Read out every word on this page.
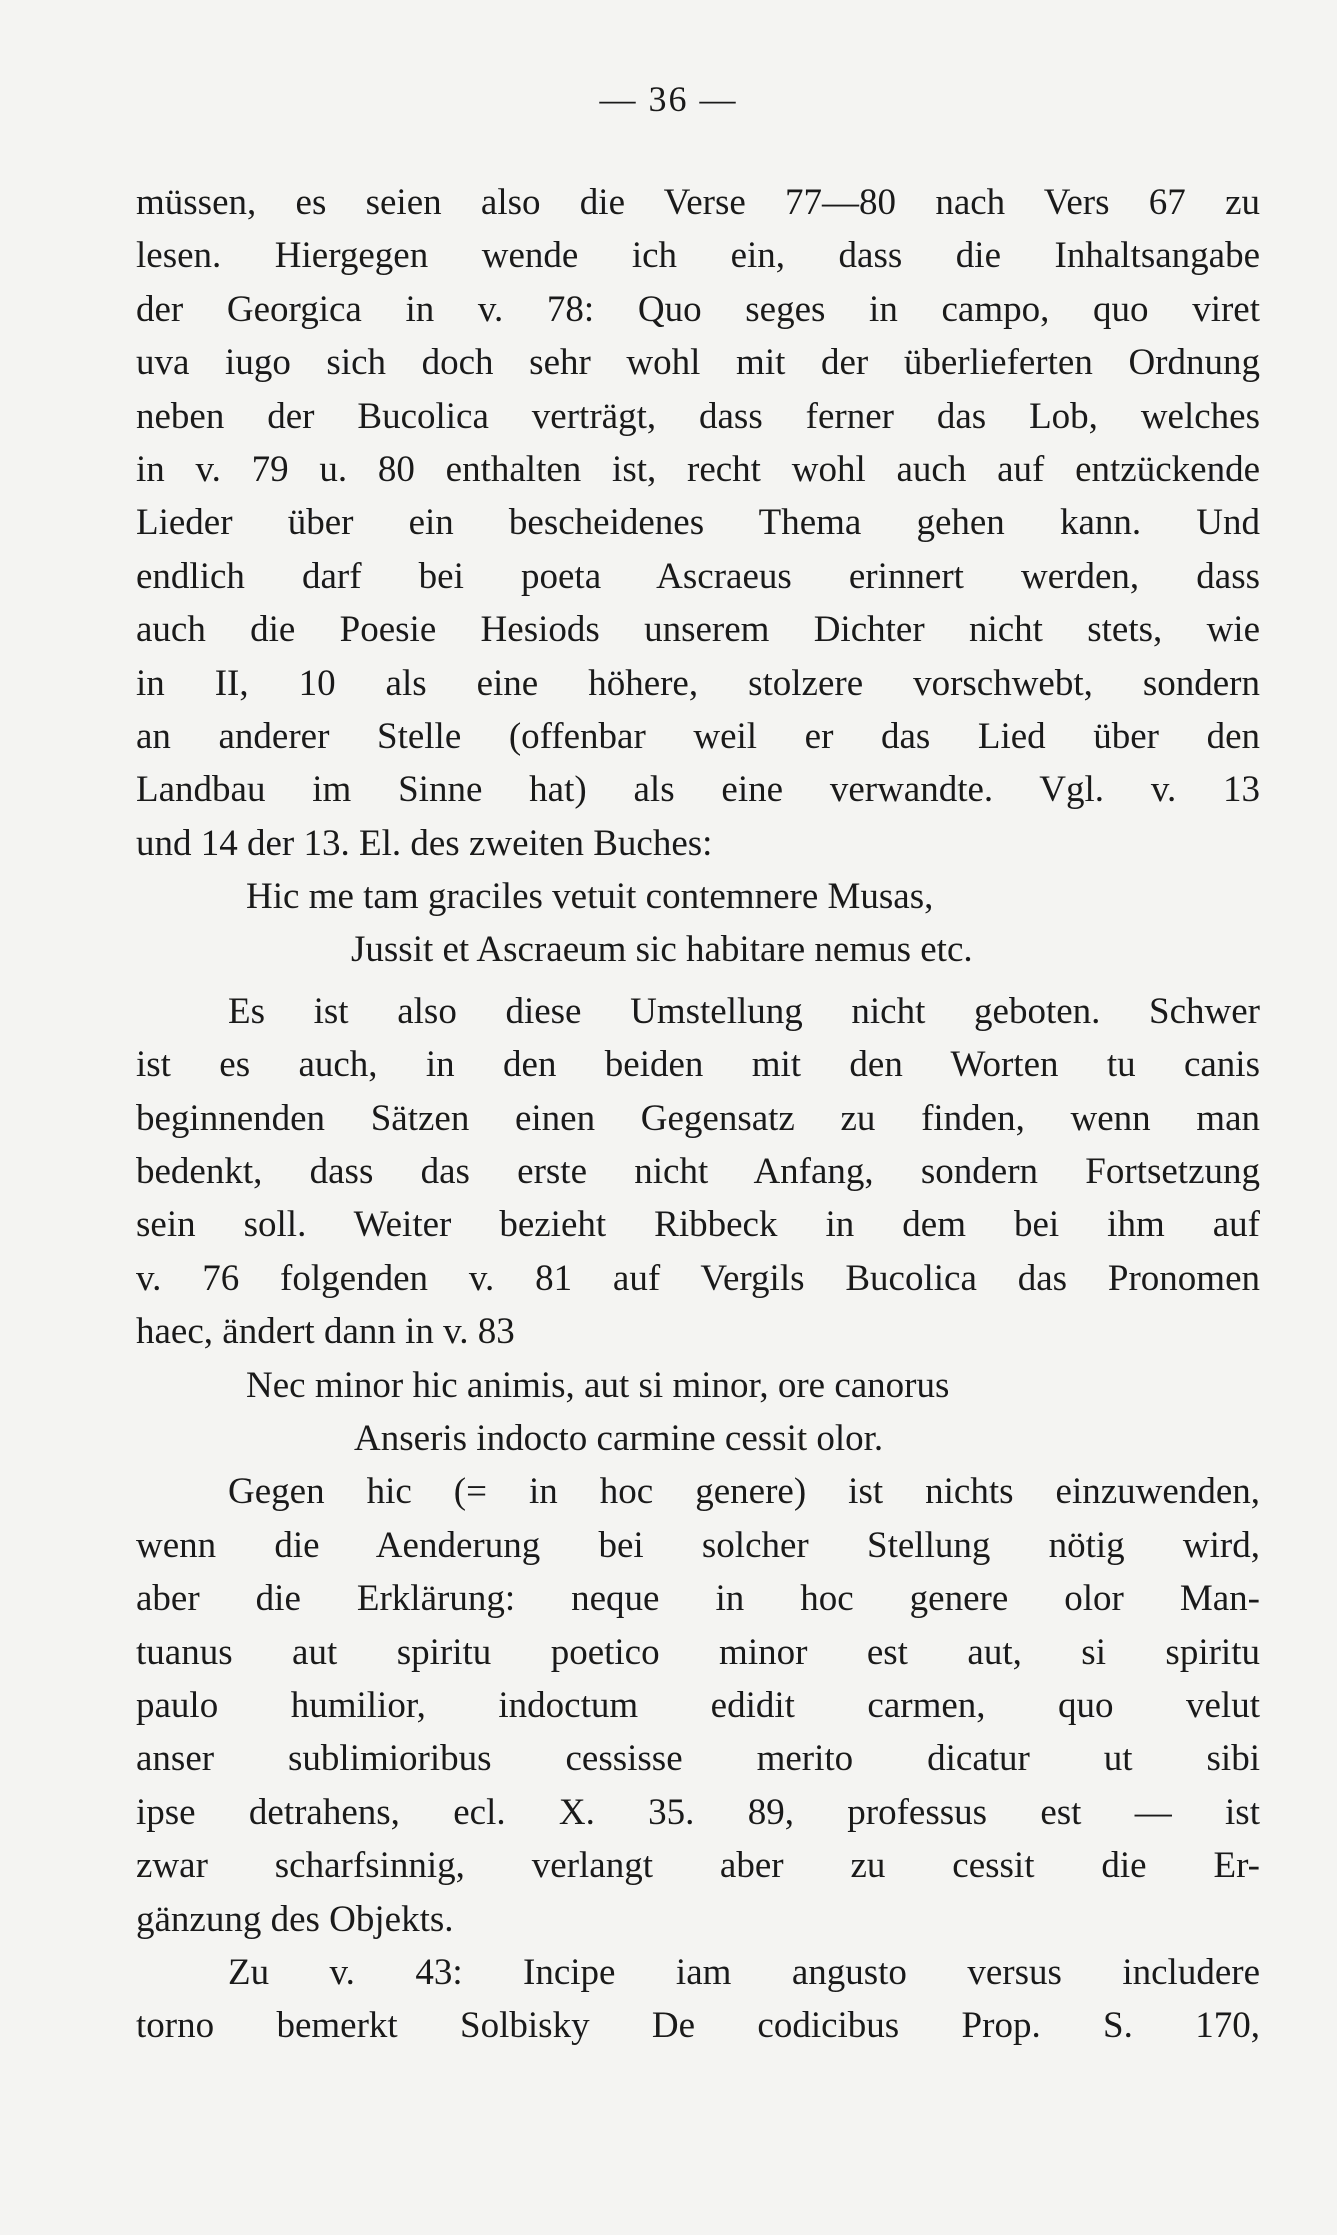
— 36 —
müssen, es seien also die Verse 77—80 nach Vers 67 zu
lesen. Hiergegen wende ich ein, dass die Inhaltsangabe
der Georgica in v. 78: Quo seges in campo, quo viret
uva iugo sich doch sehr wohl mit der überlieferten Ordnung
neben der Bucolica verträgt, dass ferner das Lob, welches
in v. 79 u. 80 enthalten ist, recht wohl auch auf entzückende
Lieder über ein bescheidenes Thema gehen kann. Und
endlich darf bei poeta Ascraeus erinnert werden, dass
auch die Poesie Hesiods unserem Dichter nicht stets, wie
in II, 10 als eine höhere, stolzere vorschwebt, sondern
an anderer Stelle (offenbar weil er das Lied über den
Landbau im Sinne hat) als eine verwandte. Vgl. v. 13
und 14 der 13. El. des zweiten Buches:
Hic me tam graciles vetuit contemnere Musas,
Jussit et Ascraeum sic habitare nemus etc.
Es ist also diese Umstellung nicht geboten. Schwer
ist es auch, in den beiden mit den Worten tu canis
beginnenden Sätzen einen Gegensatz zu finden, wenn man
bedenkt, dass das erste nicht Anfang, sondern Fortsetzung
sein soll. Weiter bezieht Ribbeck in dem bei ihm auf
v. 76 folgenden v. 81 auf Vergils Bucolica das Pronomen
haec, ändert dann in v. 83
Nec minor hic animis, aut si minor, ore canorus
Anseris indocto carmine cessit olor.
Gegen hic (= in hoc genere) ist nichts einzuwenden,
wenn die Aenderung bei solcher Stellung nötig wird,
aber die Erklärung: neque in hoc genere olor Man-
tuanus aut spiritu poetico minor est aut, si spiritu
paulo humilior, indoctum edidit carmen, quo velut
anser sublimioribus cessisse merito dicatur ut sibi
ipse detrahens, ecl. X. 35. 89, professus est — ist
zwar scharfsinnig, verlangt aber zu cessit die Er-
gänzung des Objekts.
Zu v. 43: Incipe iam angusto versus includere
torno bemerkt Solbisky De codicibus Prop. S. 170,
